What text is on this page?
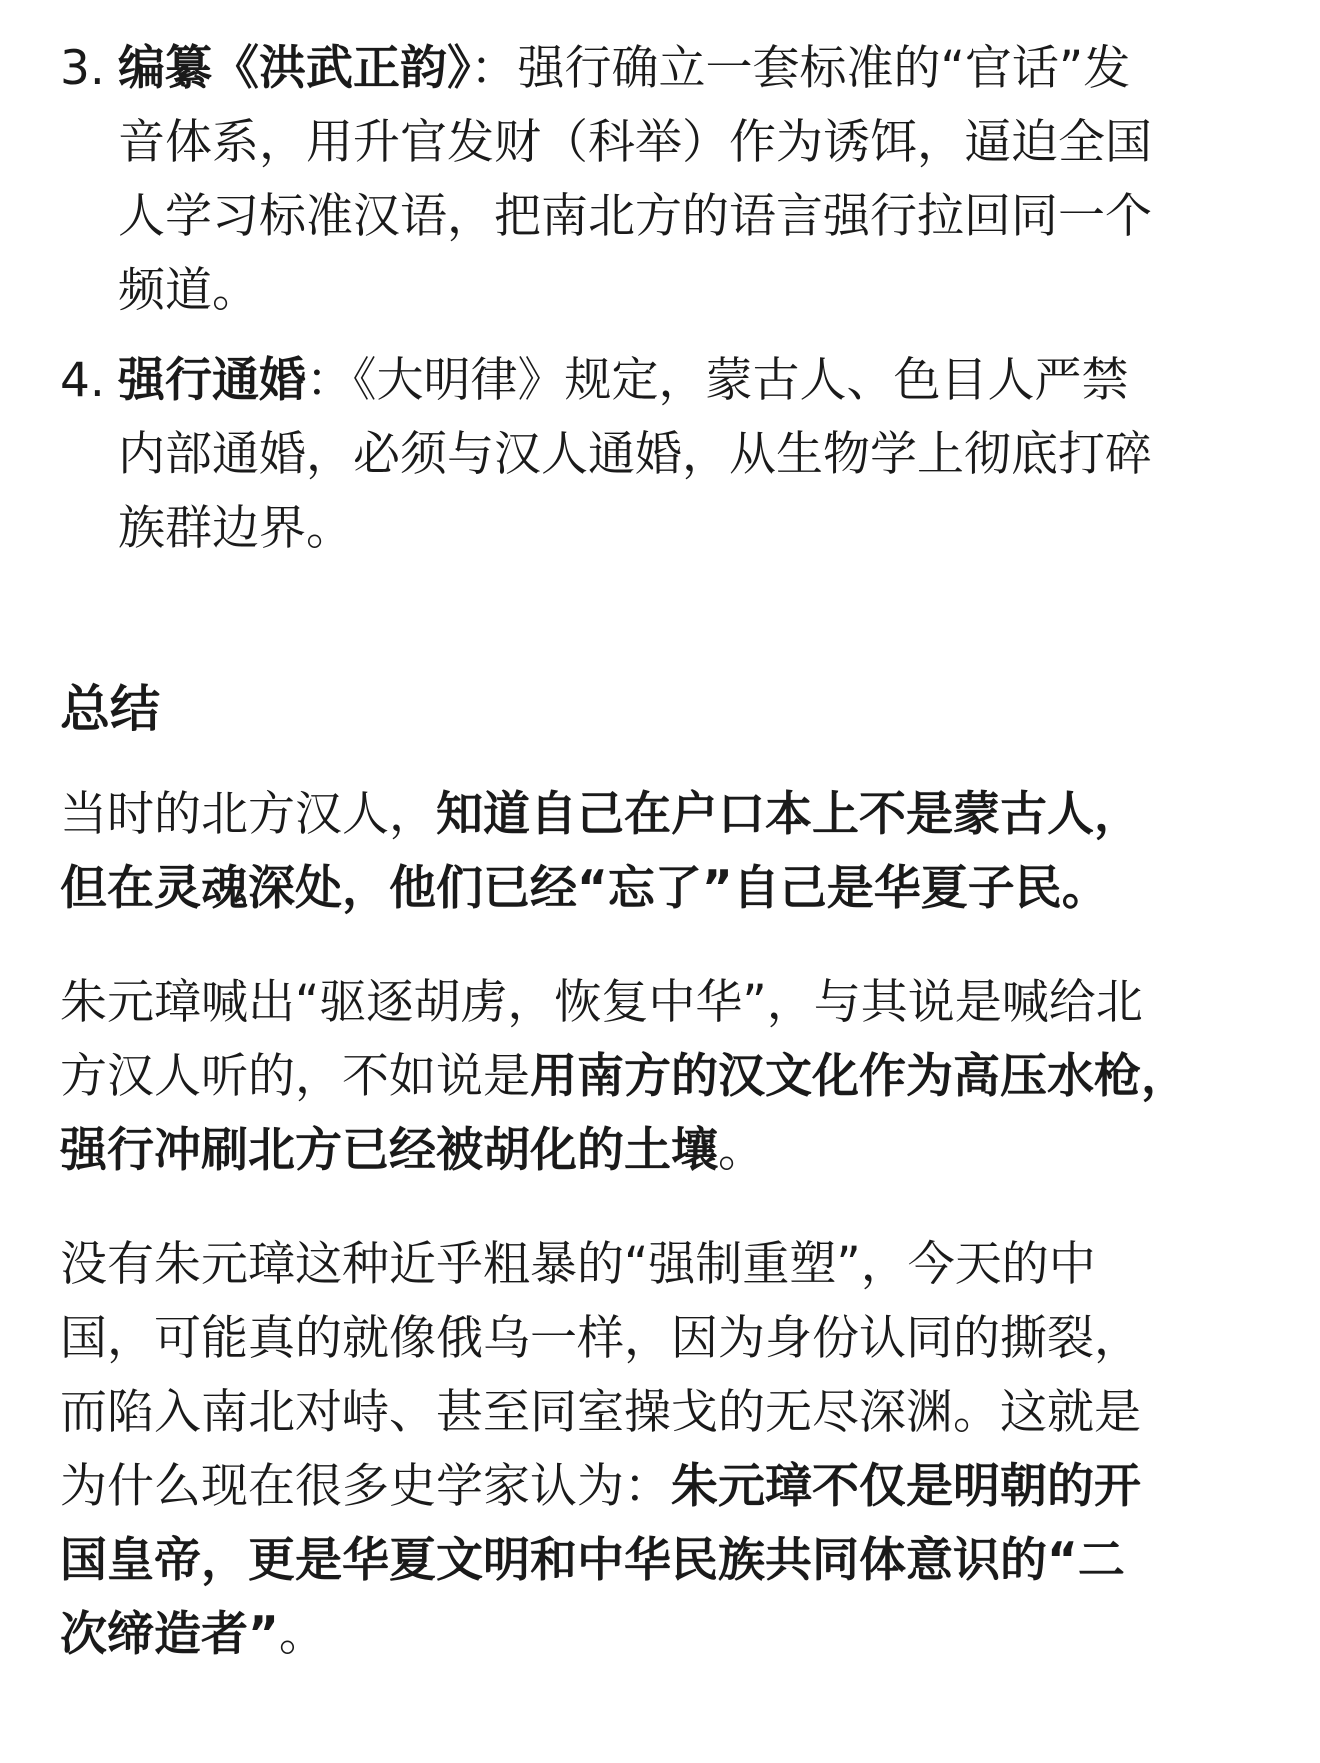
3. 编纂《洪武正韵》：强行确立一套标准的“官话”发
音体系，用升官发财（科举）作为诱饵，逼迫全国
人学习标准汉语，把南北方的语言强行拉回同一个
频道。
4. 强行通婚：《大明律》规定，蒙古人、色目人严禁
内部通婚，必须与汉人通婚，从生物学上彻底打碎
族群边界。
总结
当时的北方汉人，知道自己在户口本上不是蒙古人，
但在灵魂深处，他们已经“忘了”自己是华夏子民。
朱元璋喊出“驱逐胡虏，恢复中华”，与其说是喊给北
方汉人听的，不如说是用南方的汉文化作为高压水枪，
强行冲刷北方已经被胡化的土壤。
没有朱元璋这种近乎粗暴的“强制重塑”，今天的中
国，可能真的就像俄乌一样，因为身份认同的撕裂，
而陷入南北对峙、甚至同室操戈的无尽深渊。这就是
为什么现在很多史学家认为：朱元璋不仅是明朝的开
国皇帝，更是华夏文明和中华民族共同体意识的“二
次缔造者”。
